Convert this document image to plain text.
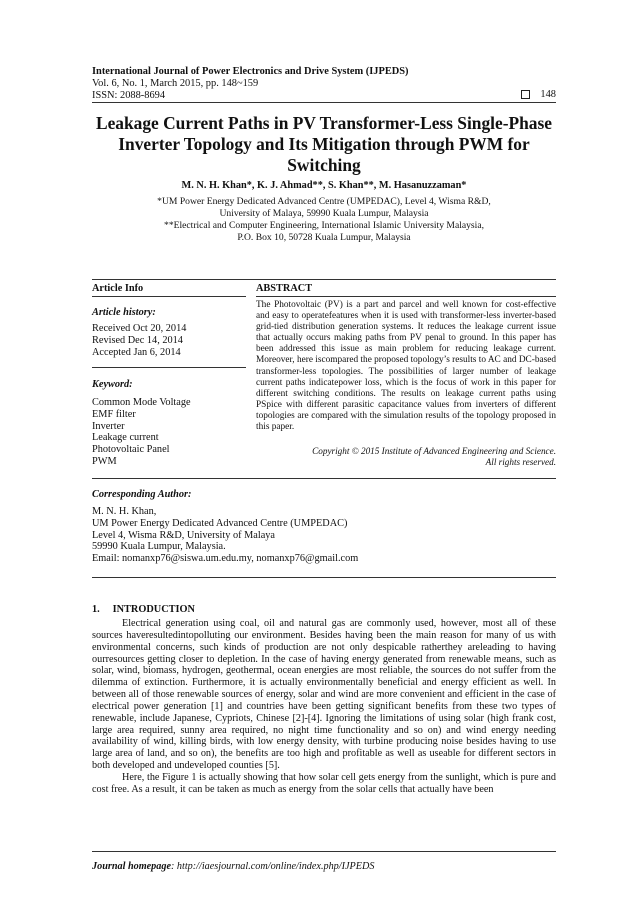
International Journal of Power Electronics and Drive System (IJPEDS)
Vol. 6, No. 1, March 2015, pp. 148~159
ISSN: 2088-8694	148
Leakage Current Paths in PV Transformer-Less Single-Phase Inverter Topology and Its Mitigation through PWM for Switching
M. N. H. Khan*, K. J. Ahmad**, S. Khan**, M. Hasanuzzaman*
*UM Power Energy Dedicated Advanced Centre (UMPEDAC), Level 4, Wisma R&D,
University of Malaya, 59990 Kuala Lumpur, Malaysia
**Electrical and Computer Engineering, International Islamic University Malaysia,
P.O. Box 10, 50728 Kuala Lumpur, Malaysia
Article Info	ABSTRACT
Article history:
Received Oct 20, 2014
Revised Dec 14, 2014
Accepted Jan 6, 2014
Keyword:
Common Mode Voltage
EMF filter
Inverter
Leakage current
Photovoltaic Panel
PWM
The Photovoltaic (PV) is a part and parcel and well known for cost-effective and easy to operatefeatures when it is used with transformer-less inverter-based grid-tied distribution generation systems. It reduces the leakage current issue that actually occurs making paths from PV penal to ground. In this paper has been addressed this issue as main problem for reducing leakage current. Moreover, here iscompared the proposed topology’s results to AC and DC-based transformer-less topologies. The possibilities of larger number of leakage current paths indicatepower loss, which is the focus of work in this paper for different switching conditions. The results on leakage current paths using PSpice with different parasitic capacitance values from inverters of different topologies are compared with the simulation results of the topology proposed in this paper.
Copyright © 2015 Institute of Advanced Engineering and Science.
All rights reserved.
Corresponding Author:
M. N. H. Khan,
UM Power Energy Dedicated Advanced Centre (UMPEDAC)
Level 4, Wisma R&D, University of Malaya
59990 Kuala Lumpur, Malaysia.
Email: nomanxp76@siswa.um.edu.my, nomanxp76@gmail.com
1.     INTRODUCTION

Electrical generation using coal, oil and natural gas are commonly used, however, most all of these sources haveresultedintopolluting our environment. Besides having been the main reason for many of us with environmental concerns, such kinds of production are not only despicable ratherthey areleading to having ourresources getting closer to depletion. In the case of having energy generated from renewable means, such as solar, wind, biomass, hydrogen, geothermal, ocean energies are most reliable, the sources do not suffer from the dilemma of extinction. Furthermore, it is actually environmentally beneficial and energy efficient as well. In between all of those renewable sources of energy, solar and wind are more convenient and efficient in the case of electrical power generation [1] and countries have been getting significant benefits from these two types of renewable, include Japanese, Cypriots, Chinese [2]-[4]. Ignoring the limitations of using solar (high frank cost, large area required, sunny area required, no night time functionality and so on) and wind energy needing availability of wind, killing birds, with low energy density, with turbine producing noise besides having to use large area of land, and so on), the benefits are too high and profitable as well as useable for different sectors in both developed and undeveloped counties [5].

Here, the Figure 1 is actually showing that how solar cell gets energy from the sunlight, which is pure and cost free. As a result, it can be taken as much as energy from the solar cells that actually have been

Journal homepage: http://iaesjournal.com/online/index.php/IJPEDS
